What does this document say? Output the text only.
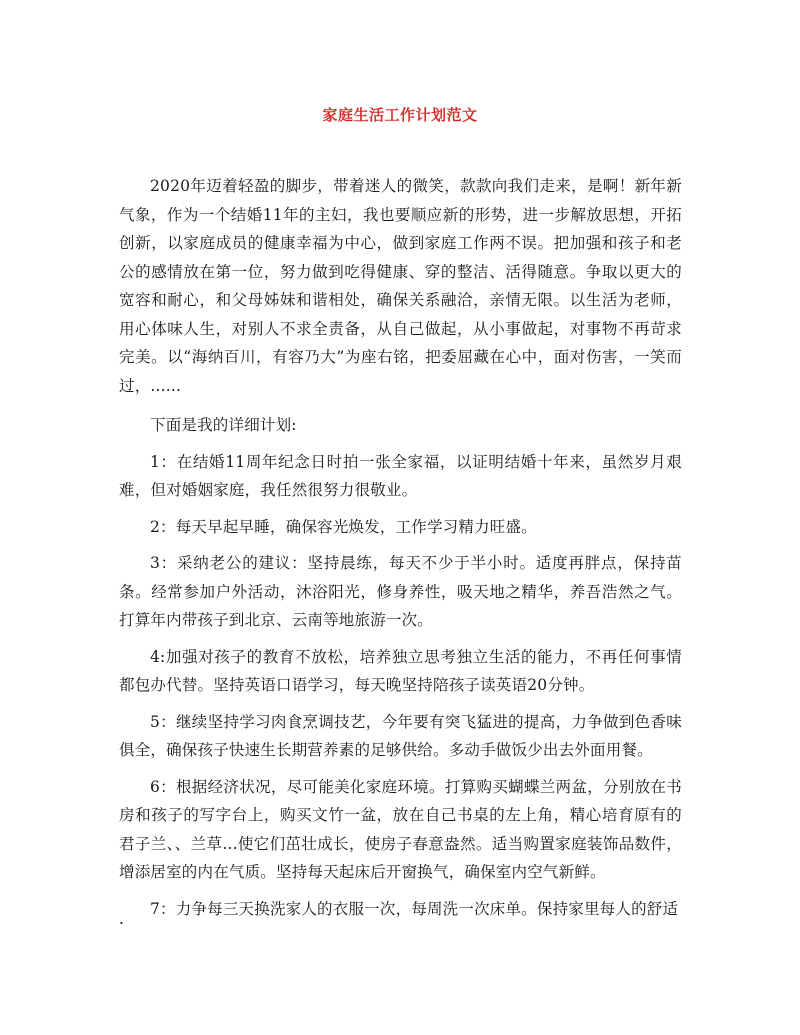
家庭生活工作计划范文

2020年迈着轻盈的脚步，带着迷人的微笑，款款向我们走来，是啊！新年新气象，作为一个结婚11年的主妇，我也要顺应新的形势，进一步解放思想，开拓创新，以家庭成员的健康幸福为中心，做到家庭工作两不误。把加强和孩子和老公的感情放在第一位，努力做到吃得健康、穿的整洁、活得随意。争取以更大的宽容和耐心，和父母姊妹和谐相处，确保关系融洽，亲情无限。以生活为老师，用心体味人生，对别人不求全责备，从自己做起，从小事做起，对事物不再苛求完美。以“海纳百川，有容乃大”为座右铭，把委屈藏在心中，面对伤害，一笑而过，......

下面是我的详细计划:

1：在结婚11周年纪念日时拍一张全家福，以证明结婚十年来，虽然岁月艰难，但对婚姻家庭，我任然很努力很敬业。

2：每天早起早睡，确保容光焕发，工作学习精力旺盛。

3：采纳老公的建议：坚持晨练，每天不少于半小时。适度再胖点，保持苗条。经常参加户外活动，沐浴阳光，修身养性，吸天地之精华，养吾浩然之气。打算年内带孩子到北京、云南等地旅游一次。

4:加强对孩子的教育不放松，培养独立思考独立生活的能力，不再任何事情都包办代替。坚持英语口语学习，每天晚坚持陪孩子读英语20分钟。

5：继续坚持学习肉食烹调技艺，今年要有突飞猛进的提高，力争做到色香味俱全，确保孩子快速生长期营养素的足够供给。多动手做饭少出去外面用餐。

6：根据经济状况，尽可能美化家庭环境。打算购买蝴蝶兰两盆，分别放在书房和孩子的写字台上，购买文竹一盆，放在自己书桌的左上角，精心培育原有的君子兰、、兰草...使它们茁壮成长，使房子春意盎然。适当购置家庭装饰品数件，增添居室的内在气质。坚持每天起床后开窗换气，确保室内空气新鲜。

7：力争每三天换洗家人的衣服一次，每周洗一次床单。保持家里每人的舒适

.
